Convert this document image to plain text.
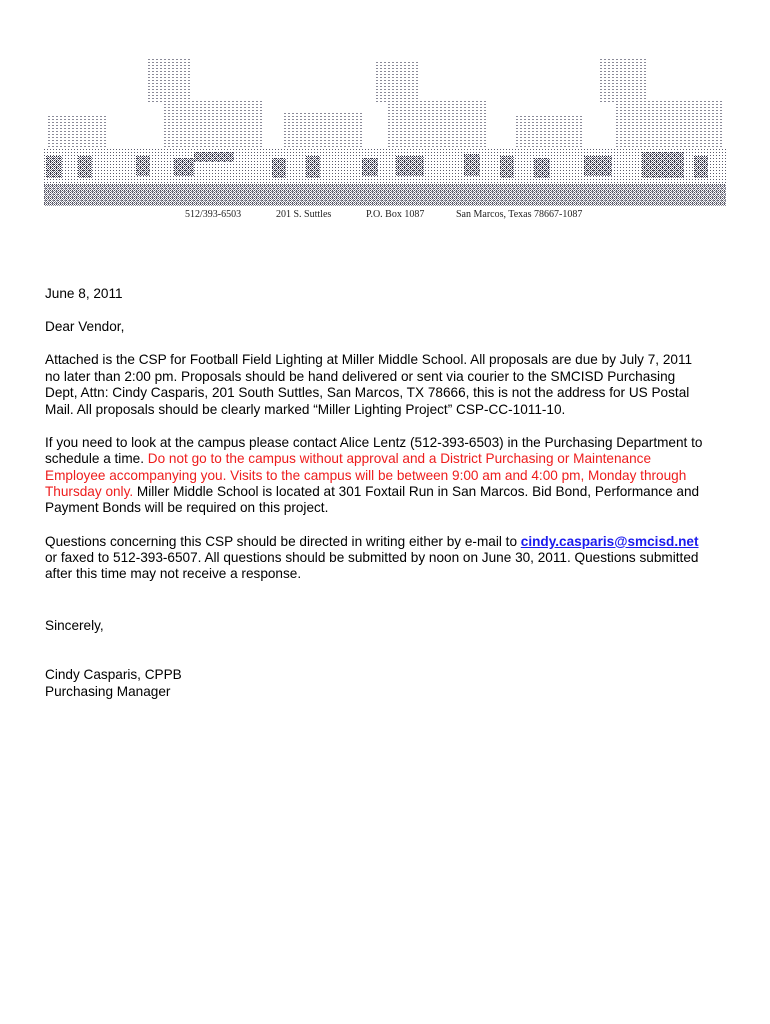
512/393-6503	201 S. Suttles	P.O. Box 1087	San Marcos, Texas 78667-1087

June 8, 2011

Dear Vendor,

Attached is the CSP for Football Field Lighting at Miller Middle School. All proposals are due by July 7, 2011
no later than 2:00 pm. Proposals should be hand delivered or sent via courier to the SMCISD Purchasing
Dept, Attn: Cindy Casparis, 201 South Suttles, San Marcos, TX 78666, this is not the address for US Postal
Mail. All proposals should be clearly marked “Miller Lighting Project” CSP-CC-1011-10.

If you need to look at the campus please contact Alice Lentz (512-393-6503) in the Purchasing Department to
schedule a time. Do not go to the campus without approval and a District Purchasing or Maintenance
Employee accompanying you. Visits to the campus will be between 9:00 am and 4:00 pm, Monday through
Thursday only. Miller Middle School is located at 301 Foxtail Run in San Marcos. Bid Bond, Performance and
Payment Bonds will be required on this project.

Questions concerning this CSP should be directed in writing either by e-mail to cindy.casparis@smcisd.net
or faxed to 512-393-6507. All questions should be submitted by noon on June 30, 2011. Questions submitted
after this time may not receive a response.

Sincerely,

Cindy Casparis, CPPB

Purchasing Manager
